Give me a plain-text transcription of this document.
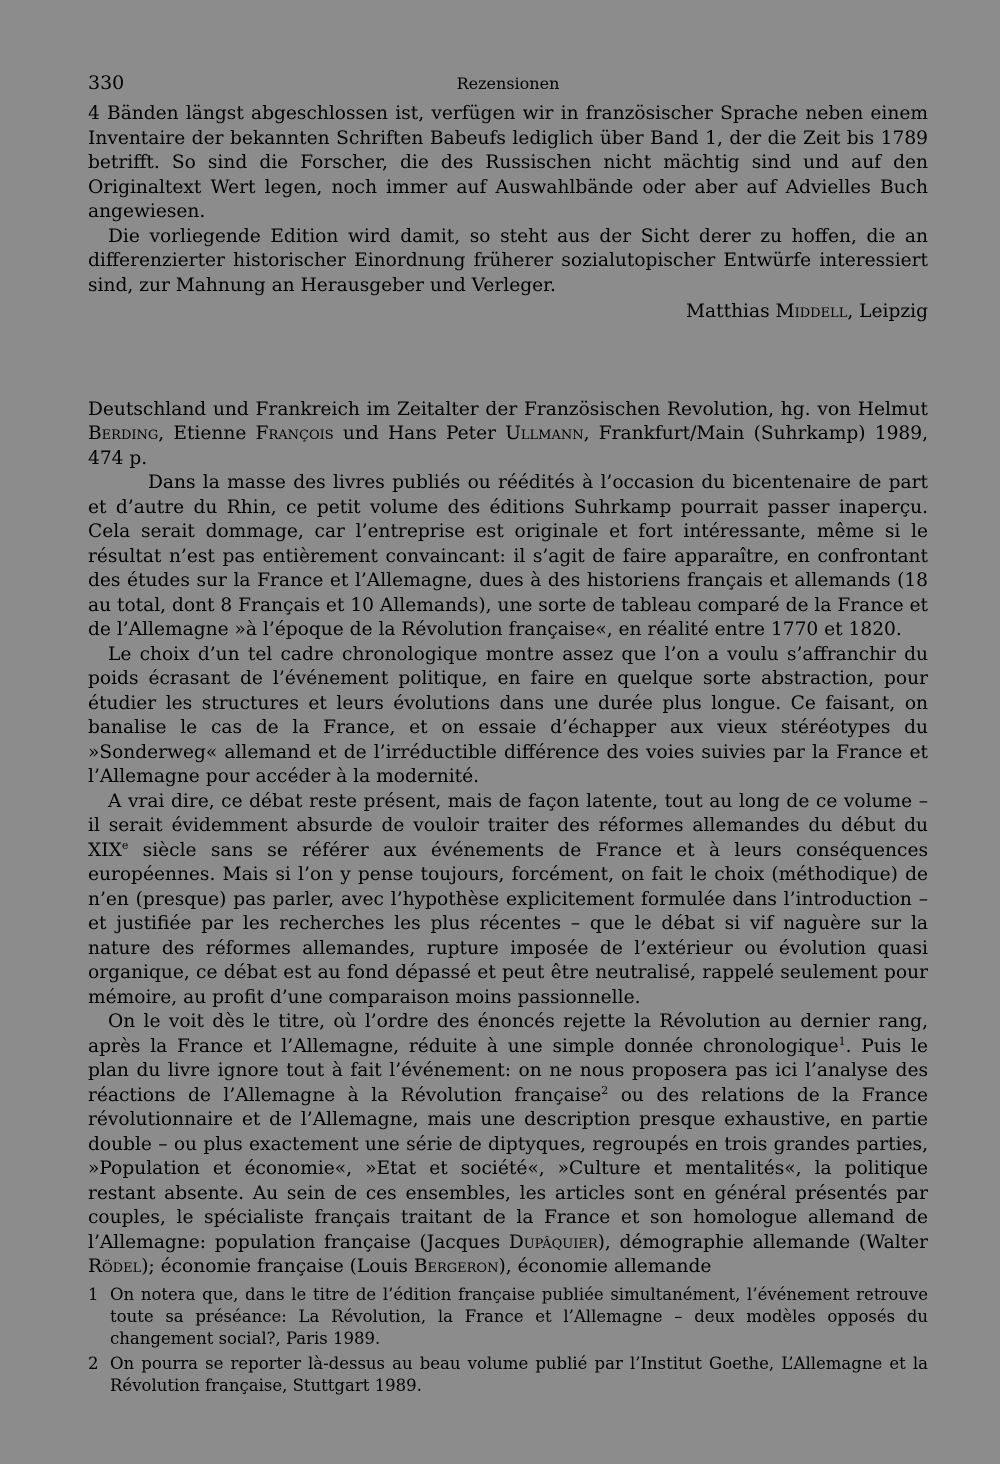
330	Rezensionen

4 Bänden längst abgeschlossen ist, verfügen wir in französischer Sprache neben einem Inventaire der bekannten Schriften Babeufs lediglich über Band 1, der die Zeit bis 1789 betrifft. So sind die Forscher, die des Russischen nicht mächtig sind und auf den Originaltext Wert legen, noch immer auf Auswahlbände oder aber auf Advielles Buch angewiesen.

Die vorliegende Edition wird damit, so steht aus der Sicht derer zu hoffen, die an differenzierter historischer Einordnung früherer sozialutopischer Entwürfe interessiert sind, zur Mahnung an Herausgeber und Verleger.

Matthias Middell, Leipzig

Deutschland und Frankreich im Zeitalter der Französischen Revolution, hg. von Helmut Berding, Etienne François und Hans Peter Ullmann, Frankfurt/Main (Suhrkamp) 1989, 474 p.

Dans la masse des livres publiés ou réédités à l’occasion du bicentenaire de part et d’autre du Rhin, ce petit volume des éditions Suhrkamp pourrait passer inaperçu. Cela serait dommage, car l’entreprise est originale et fort intéressante, même si le résultat n’est pas entièrement convaincant: il s’agit de faire apparaître, en confrontant des études sur la France et l’Allemagne, dues à des historiens français et allemands (18 au total, dont 8 Français et 10 Allemands), une sorte de tableau comparé de la France et de l’Allemagne »à l’époque de la Révolution française«, en réalité entre 1770 et 1820.

Le choix d’un tel cadre chronologique montre assez que l’on a voulu s’affranchir du poids écrasant de l’événement politique, en faire en quelque sorte abstraction, pour étudier les structures et leurs évolutions dans une durée plus longue. Ce faisant, on banalise le cas de la France, et on essaie d’échapper aux vieux stéréotypes du »Sonderweg« allemand et de l’irréductible différence des voies suivies par la France et l’Allemagne pour accéder à la modernité.

A vrai dire, ce débat reste présent, mais de façon latente, tout au long de ce volume – il serait évidemment absurde de vouloir traiter des réformes allemandes du début du XIXe siècle sans se référer aux événements de France et à leurs conséquences européennes. Mais si l’on y pense toujours, forcément, on fait le choix (méthodique) de n’en (presque) pas parler, avec l’hypothèse explicitement formulée dans l’introduction – et justifiée par les recherches les plus récentes – que le débat si vif naguère sur la nature des réformes allemandes, rupture imposée de l’extérieur ou évolution quasi organique, ce débat est au fond dépassé et peut être neutralisé, rappelé seulement pour mémoire, au profit d’une comparaison moins passionnelle.

On le voit dès le titre, où l’ordre des énoncés rejette la Révolution au dernier rang, après la France et l’Allemagne, réduite à une simple donnée chronologique$^1$. Puis le plan du livre ignore tout à fait l’événement: on ne nous proposera pas ici l’analyse des réactions de l’Allemagne à la Révolution française$^2$ ou des relations de la France révolutionnaire et de l’Allemagne, mais une description presque exhaustive, en partie double – ou plus exactement une série de diptyques, regroupés en trois grandes parties, »Population et économie«, »Etat et société«, »Culture et mentalités«, la politique restant absente. Au sein de ces ensembles, les articles sont en général présentés par couples, le spécialiste français traitant de la France et son homologue allemand de l’Allemagne: population française (Jacques Dupâquier), démographie allemande (Walter Rödel); économie française (Louis Bergeron), économie allemande

1 On notera que, dans le titre de l’édition française publiée simultanément, l’événement retrouve toute sa préséance: La Révolution, la France et l’Allemagne – deux modèles opposés du changement social?, Paris 1989.
2 On pourra se reporter là-dessus au beau volume publié par l’Institut Goethe, L’Allemagne et la Révolution française, Stuttgart 1989.
